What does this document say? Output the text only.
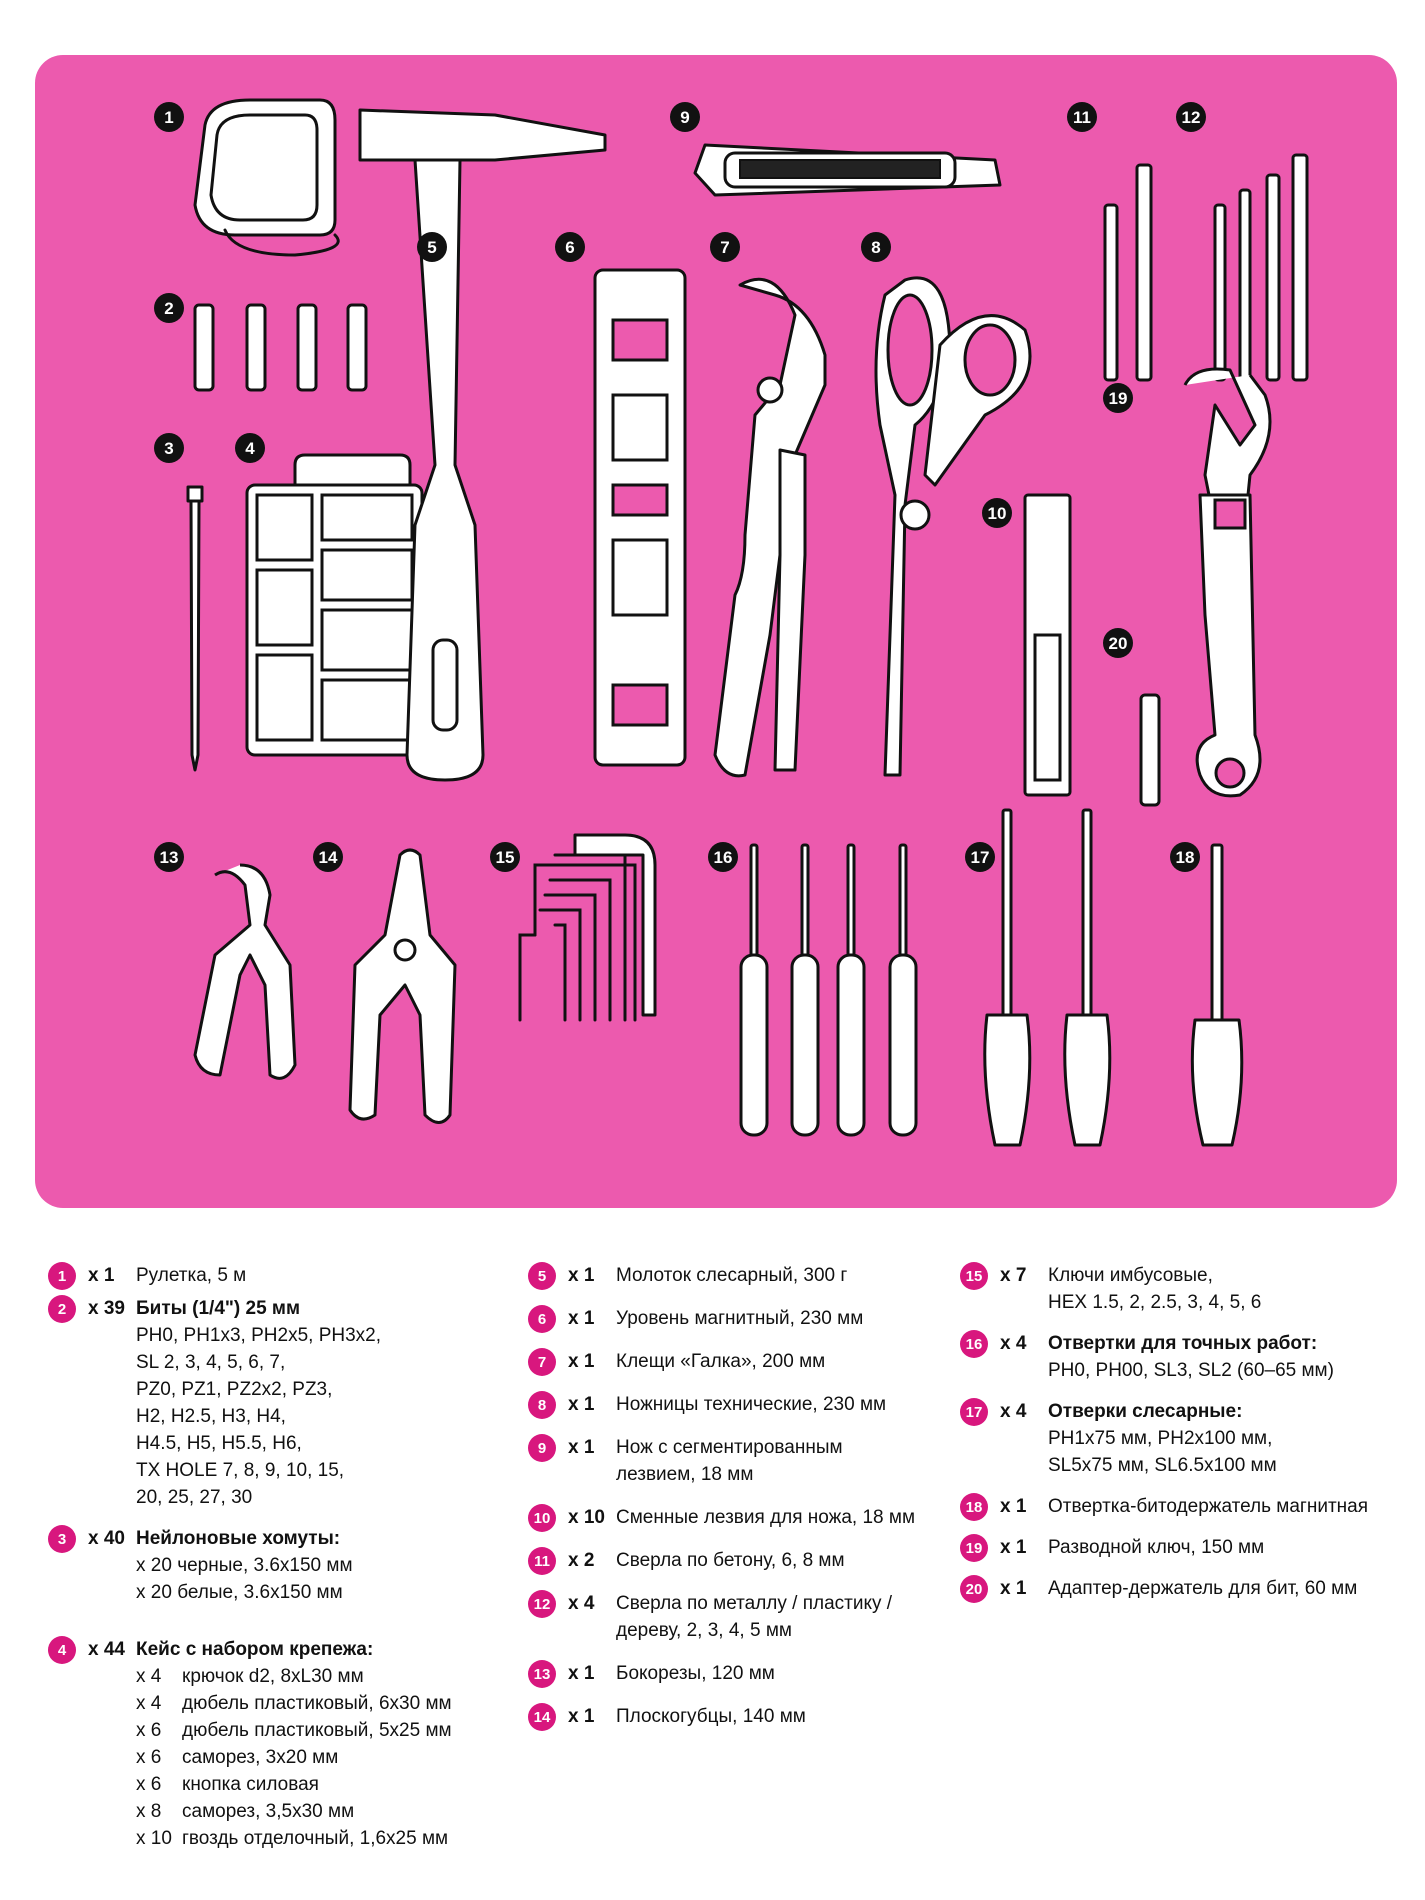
1
2
3	4
5	6	7	8
9
10
11	12
13	14	15	16	17	18
19
20
1	x 1 Рулетка, 5 м
2	x 39 Биты (1/4") 25 мм
PH0, PH1x3, PH2x5, PH3x2,
SL 2, 3, 4, 5, 6, 7,
PZ0, PZ1, PZ2x2, PZ3,
H2, H2.5, H3, H4,
H4.5, H5, H5.5, H6,
TX HOLE 7, 8, 9, 10, 15,
20, 25, 27, 30
3	x 40 Нейлоновые хомуты:
x 20 черные, 3.6x150 мм
x 20 белые, 3.6x150 мм
4	x 44 Кейс с набором крепежа:
x 4 крючок d2, 8xL30 мм
x 4 дюбель пластиковый, 6x30 мм
x 6 дюбель пластиковый, 5x25 мм
x 6 саморез, 3x20 мм
x 6 кнопка силовая
x 8 саморез, 3,5x30 мм
x 10 гвоздь отделочный, 1,6x25 мм
5	x 1 Молоток слесарный, 300 г
6	x 1 Уровень магнитный, 230 мм
7	x 1 Клещи «Галка», 200 мм
8	x 1 Ножницы технические, 230 мм
9	x 1 Нож с сегментированным
лезвием, 18 мм
10 x 10 Сменные лезвия для ножа, 18 мм
11 x 2 Сверла по бетону, 6, 8 мм
12 x 4 Сверла по металлу / пластику /
дереву, 2, 3, 4, 5 мм
13 x 1 Бокорезы, 120 мм
14 x 1 Плоскогубцы, 140 мм
15 x 7 Ключи имбусовые,
HEX 1.5, 2, 2.5, 3, 4, 5, 6
16 x 4 Отвертки для точных работ:
PH0, PH00, SL3, SL2 (60–65 мм)
17 x 4 Отверки слесарные:
PH1x75 мм, PH2x100 мм,
SL5x75 мм, SL6.5x100 мм
18 x 1 Отвертка-битодержатель магнитная
19 x 1 Разводной ключ, 150 мм
20 x 1 Адаптер-держатель для бит, 60 мм
